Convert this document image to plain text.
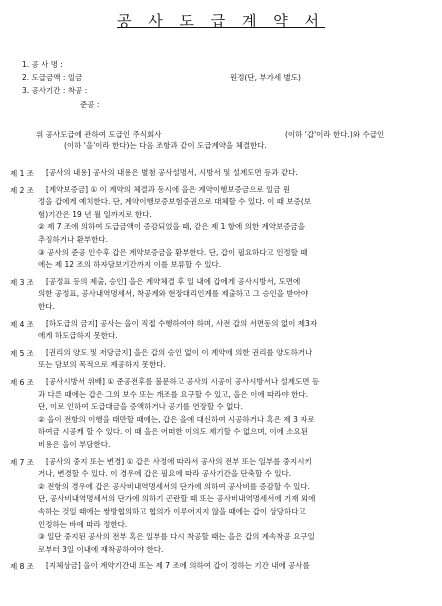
공 사 도 급 계 약 서
1. 공 사 명 :
2. 도급금액 : 일금	원정(단, 부가세 별도)
3. 공사기간 : 착공 :
준공 :
위 공사도급에 관하여 도급인 주식회사	(이하 '갑'이라 한다.)와 수급인
(이하 '을'이라 한다)는 다음 조항과 같이 도급계약을 체결한다.
제 1 조 [공사의 내용] 공사의 내용은 별첨 공사설명서, 시방서 및 설계도면 등과 같다.
제 2 조 [계약보증금] ① 이 계약의 체결과 동시에 을은 계약이행보증금으로 일금 원
정을 갑에게 예치한다. 단, 계약이행보증보험증권으로 대체할 수 있다. 이 때 보증(보
험)기간은 19 년 월 일까지로 한다.
② 제 7 조에 의하여 도급금액이 증감되었을 때, 같은 제 1 항에 의한 계약보증금을
추징하거나 환부한다.
③ 공사의 준공 인수후 갑은 계약보증금을 환부한다. 단, 갑이 필요하다고 인정할 때
에는 제 12 조의 하자담보기간까지 이를 보류할 수 있다.
제 3 조 [공정표 등의 제출, 승인] 을은 계약체결 후 일 내에 갑에게 공사시방서, 도면에
의한 공정표, 공사내역명세서, 착공계와 현장대리인계를 제출하고 그 승인을 받아야
한다.
제 4 조 [하도급의 금지] 공사는 을이 직접 수행하여야 하며, 사전 갑의 서면동의 없이 제3자
에게 하도급하지 못한다.
제 5 조 [권리의 양도 및 저당금지] 을은 갑의 승인 없이 이 계약에 의한 권리를 양도하거나
또는 담보의 목적으로 제공하지 못한다.
제 6 조 [공사시방서 위배] ① 준공전후를 불문하고 공사의 시공이 공사시방서나 설계도면 등
과 다른 때에는 갑은 그의 보수 또는 개조를 요구할 수 있고, 을은 이에 따라야 한다.
단, 이로 인하여 도급대금을 증액하거나 공기를 연장할 수 없다.
② 을이 전항의 이행을 태만할 때에는, 갑은 을에 대신하여 시공하거나 혹은 제 3 자로
하여금 시공케 할 수 있다. 이 때 을은 어떠한 이의도 제기할 수 없으며, 이에 소요된
비용은 을이 부담한다.
제 7 조 [공사의 중지 또는 변경] ① 갑은 사정에 따라서 공사의 전부 또는 일부를 중지시키
거나, 변경할 수 있다. 이 경우에 갑은 필요에 따라 공사기간을 단축할 수 있다.
② 전항의 경우에 갑은 공사비내역명세서의 단가에 의하여 공사비를 증감할 수 있다.
단, 공사비내역명세서의 단가에 의하기 곤란할 때 또는 공사비내역명세서에 기재 외에
속하는 것일 때에는 쌍방협의하고 협의가 이루어지지 않을 때에는 갑이 상당하다고
인정하는 바에 따라 정한다.
③ 일단 중지된 공사의 전부 혹은 일부를 다시 착공할 때는 을은 갑의 계속착공 요구일
로부터 3일 이내에 재착공하여야 한다.
제 8 조 [지체상금] 을이 계약기간내 또는 제 7 조에 의하여 갑이 정하는 기간 내에 공사를
